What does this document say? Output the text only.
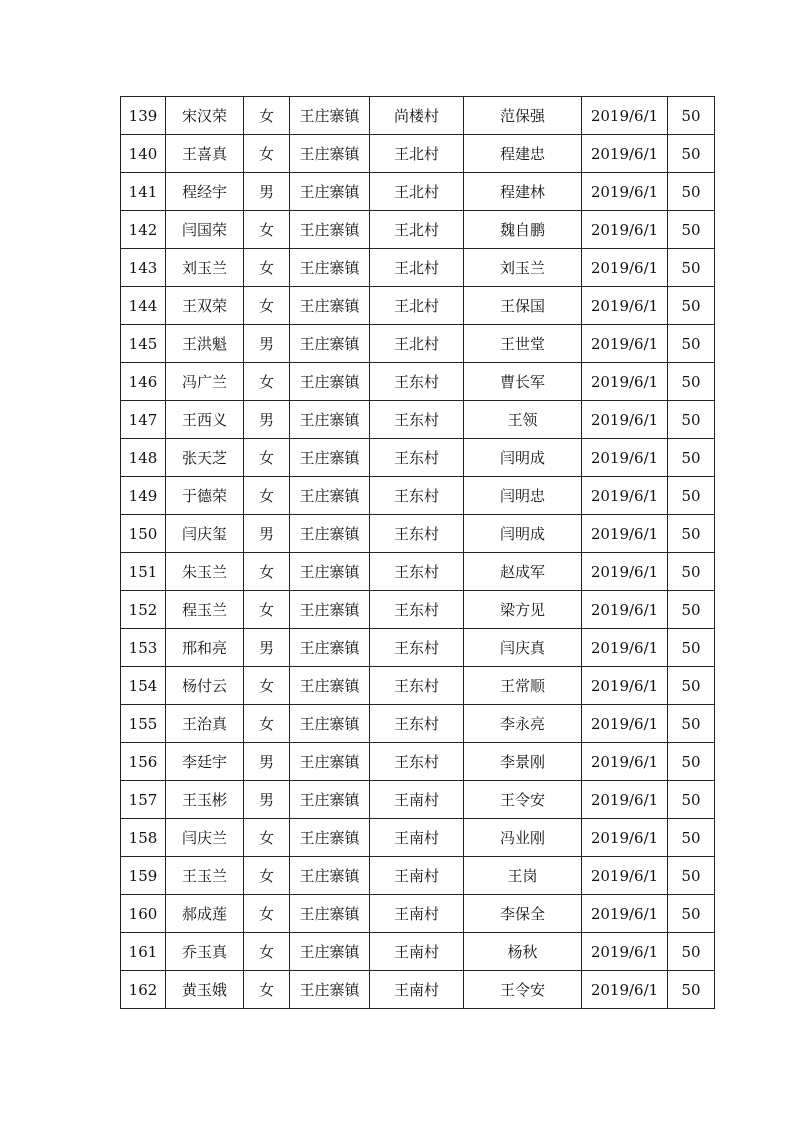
139	宋汉荣	女	王庄寨镇	尚楼村	范保强	2019/6/1	50
140	王喜真	女	王庄寨镇	王北村	程建忠	2019/6/1	50
141	程经宇	男	王庄寨镇	王北村	程建林	2019/6/1	50
142	闫国荣	女	王庄寨镇	王北村	魏自鹏	2019/6/1	50
143	刘玉兰	女	王庄寨镇	王北村	刘玉兰	2019/6/1	50
144	王双荣	女	王庄寨镇	王北村	王保国	2019/6/1	50
145	王洪魁	男	王庄寨镇	王北村	王世堂	2019/6/1	50
146	冯广兰	女	王庄寨镇	王东村	曹长军	2019/6/1	50
147	王西义	男	王庄寨镇	王东村	王领	2019/6/1	50
148	张天芝	女	王庄寨镇	王东村	闫明成	2019/6/1	50
149	于德荣	女	王庄寨镇	王东村	闫明忠	2019/6/1	50
150	闫庆玺	男	王庄寨镇	王东村	闫明成	2019/6/1	50
151	朱玉兰	女	王庄寨镇	王东村	赵成军	2019/6/1	50
152	程玉兰	女	王庄寨镇	王东村	梁方见	2019/6/1	50
153	邢和亮	男	王庄寨镇	王东村	闫庆真	2019/6/1	50
154	杨付云	女	王庄寨镇	王东村	王常顺	2019/6/1	50
155	王治真	女	王庄寨镇	王东村	李永亮	2019/6/1	50
156	李廷宇	男	王庄寨镇	王东村	李景刚	2019/6/1	50
157	王玉彬	男	王庄寨镇	王南村	王令安	2019/6/1	50
158	闫庆兰	女	王庄寨镇	王南村	冯业刚	2019/6/1	50
159	王玉兰	女	王庄寨镇	王南村	王岗	2019/6/1	50
160	郝成莲	女	王庄寨镇	王南村	李保全	2019/6/1	50
161	乔玉真	女	王庄寨镇	王南村	杨秋	2019/6/1	50
162	黄玉娥	女	王庄寨镇	王南村	王令安	2019/6/1	50
